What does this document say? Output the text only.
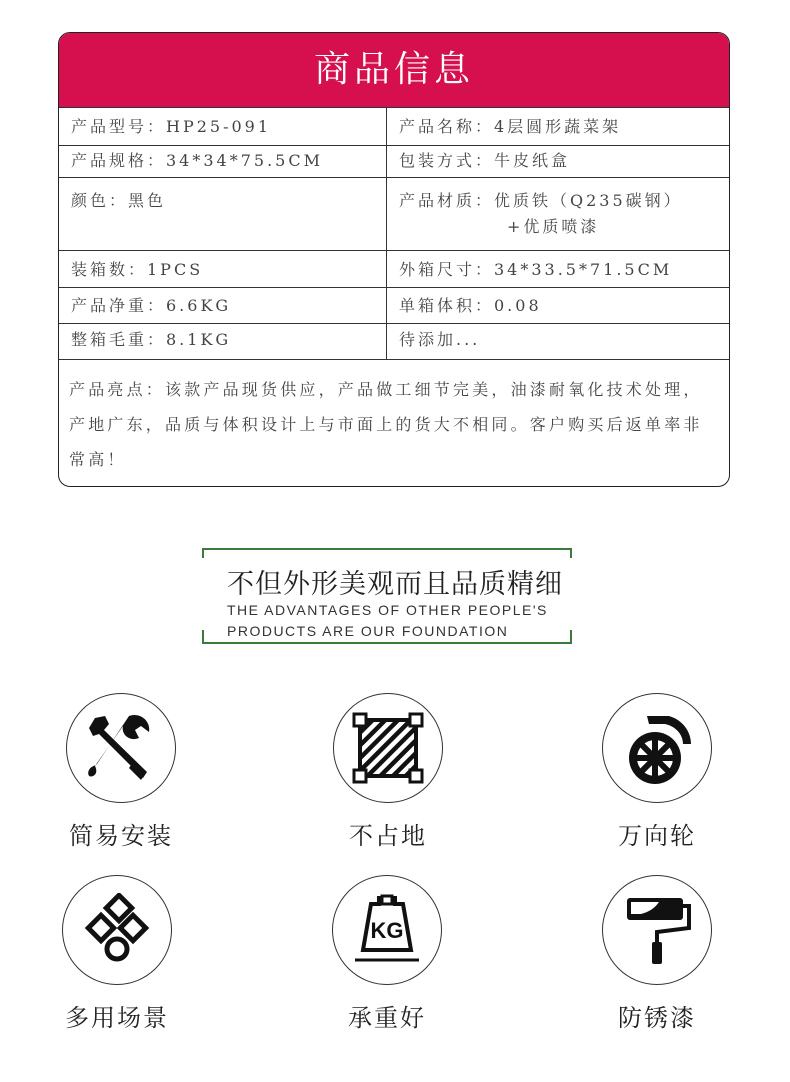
商品信息
产品型号：HP25-091	产品名称：4层圆形蔬菜架
产品规格：34*34*75.5CM	包装方式：牛皮纸盒
颜色：黑色	产品材质：优质铁（Q235碳钢）
+优质喷漆
装箱数：1PCS	外箱尺寸：34*33.5*71.5CM
产品净重：6.6KG	单箱体积：0.08
整箱毛重：8.1KG	待添加...
产品亮点：该款产品现货供应，产品做工细节完美，油漆耐氧化技术处理，产地广东，品质与体积设计上与市面上的货大不相同。客户购买后返单率非常高！
不但外形美观而且品质精细
THE ADVANTAGES OF OTHER PEOPLE'S
PRODUCTS ARE OUR FOUNDATION
简易安装	不占地	万向轮
多用场景
KG
承重好	防锈漆
